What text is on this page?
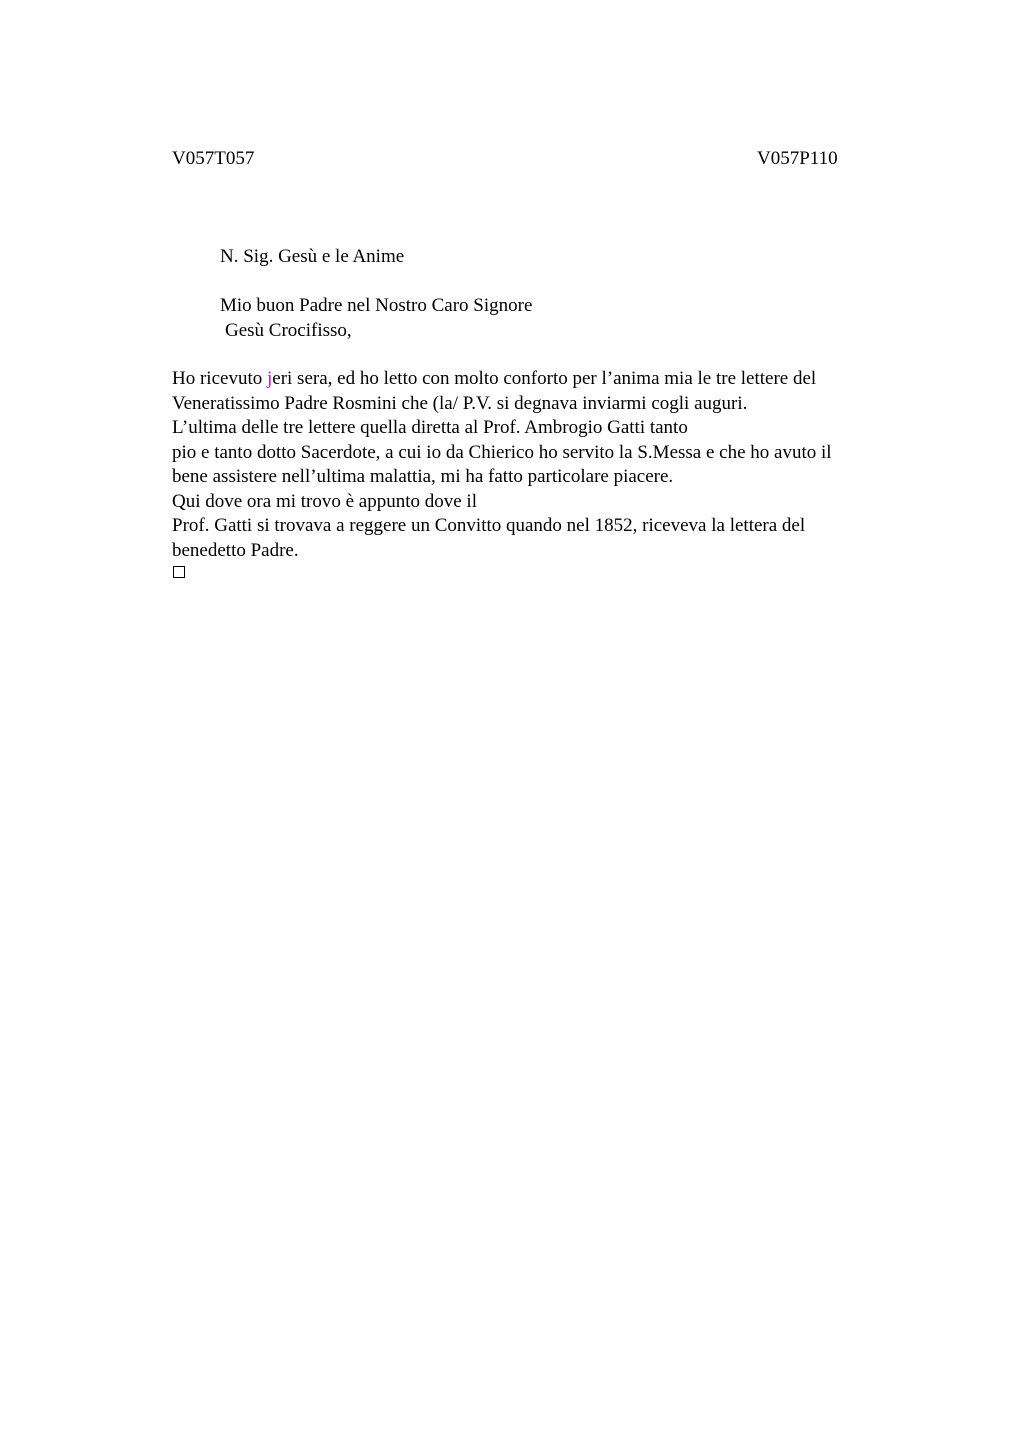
V057T057	V057P110
N. Sig. Gesù e le Anime
Mio buon Padre nel Nostro Caro Signore
Gesù Crocifisso,
Ho ricevuto jeri sera, ed ho letto con molto conforto per l’anima mia le tre lettere del
Veneratissimo Padre Rosmini che (la/ P.V. si degnava inviarmi cogli auguri.
L’ultima delle tre lettere quella diretta al Prof. Ambrogio Gatti tanto
pio e tanto dotto Sacerdote, a cui io da Chierico ho servito la S.Messa e che ho avuto il
bene assistere nell’ultima malattia, mi ha fatto particolare piacere.
Qui dove ora mi trovo è appunto dove il
Prof. Gatti si trovava a reggere un Convitto quando nel 1852, riceveva la lettera del
benedetto Padre.
